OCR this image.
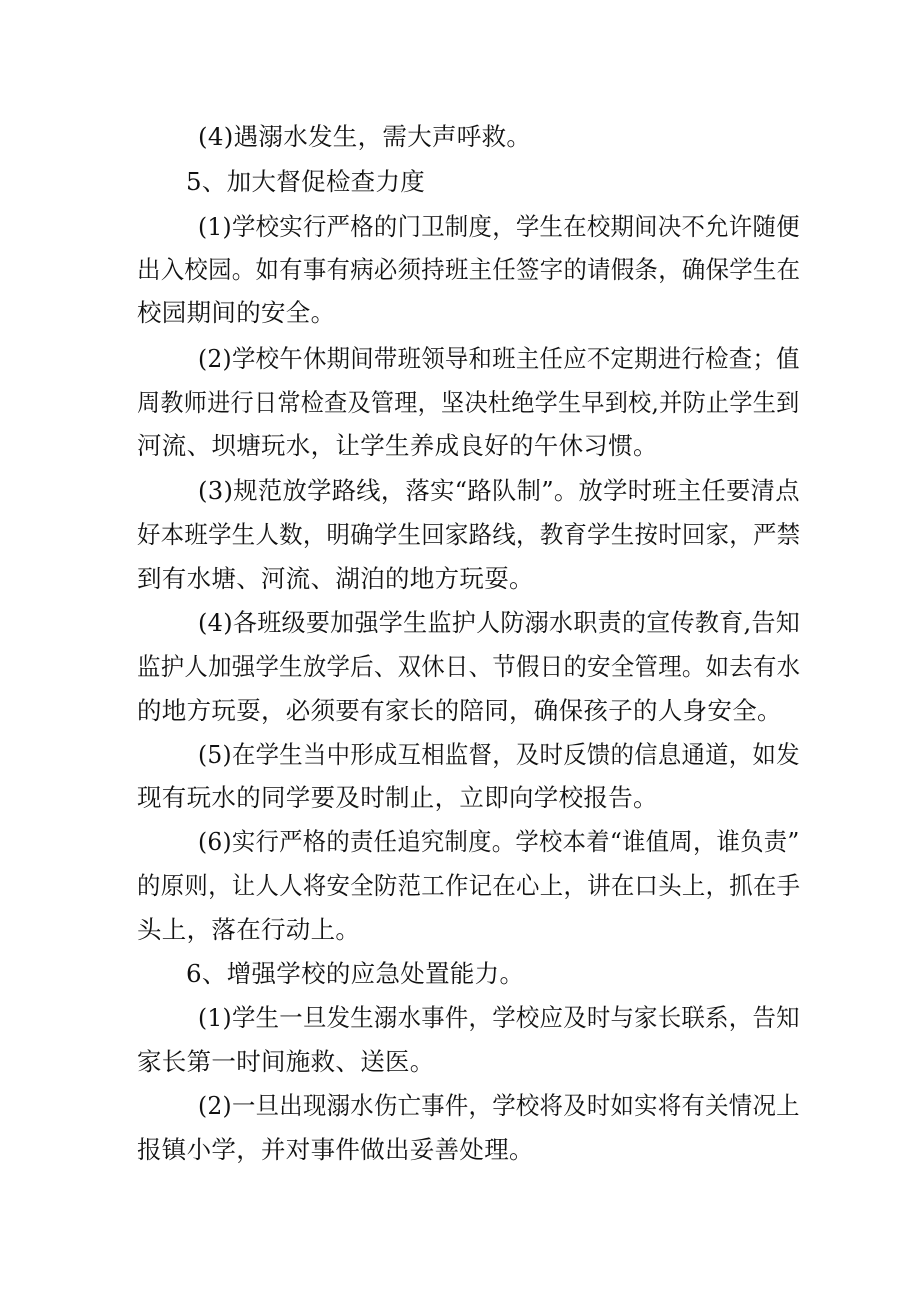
(4)遇溺水发生，需大声呼救。

5、加大督促检查力度

(1)学校实行严格的门卫制度，学生在校期间决不允许随便

出入校园。如有事有病必须持班主任签字的请假条，确保学生在

校园期间的安全。

(2)学校午休期间带班领导和班主任应不定期进行检查；值

周教师进行日常检查及管理，坚决杜绝学生早到校,并防止学生到

河流、坝塘玩水，让学生养成良好的午休习惯。

(3)规范放学路线，落实“路队制”。放学时班主任要清点

好本班学生人数，明确学生回家路线，教育学生按时回家，严禁

到有水塘、河流、湖泊的地方玩耍。

(4)各班级要加强学生监护人防溺水职责的宣传教育,告知

监护人加强学生放学后、双休日、节假日的安全管理。如去有水

的地方玩耍，必须要有家长的陪同，确保孩子的人身安全。

(5)在学生当中形成互相监督，及时反馈的信息通道，如发

现有玩水的同学要及时制止，立即向学校报告。

(6)实行严格的责任追究制度。学校本着“谁值周，谁负责”

的原则，让人人将安全防范工作记在心上，讲在口头上，抓在手

头上，落在行动上。

6、增强学校的应急处置能力。

(1)学生一旦发生溺水事件，学校应及时与家长联系，告知

家长第一时间施救、送医。

(2)一旦出现溺水伤亡事件，学校将及时如实将有关情况上

报镇小学，并对事件做出妥善处理。
